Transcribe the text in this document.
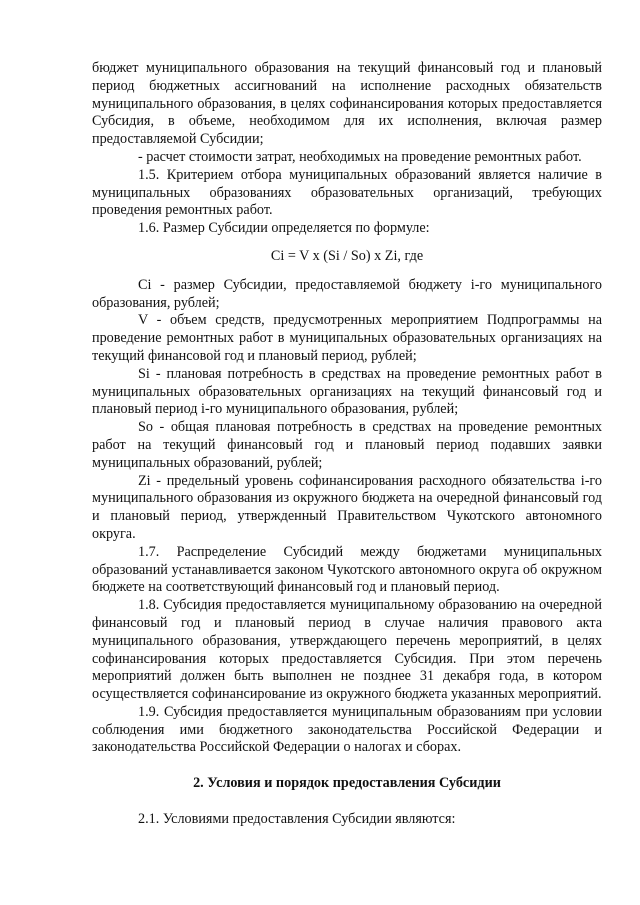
бюджет муниципального образования на текущий финансовый год и плановый период бюджетных ассигнований на исполнение расходных обязательств муниципального образования, в целях софинансирования которых предоставляется Субсидия, в объеме, необходимом для их исполнения, включая размер предоставляемой Субсидии;

- расчет стоимости затрат, необходимых на проведение ремонтных работ.

1.5. Критерием отбора муниципальных образований является наличие в муниципальных образованиях образовательных организаций, требующих проведения ремонтных работ.

1.6. Размер Субсидии определяется по формуле:

Ci = V x (Si / So) x Zi, где

Ci - размер Субсидии, предоставляемой бюджету i-го муниципального образования, рублей;

V - объем средств, предусмотренных мероприятием Подпрограммы на проведение ремонтных работ в муниципальных образовательных организациях на текущий финансовой год и плановый период, рублей;

Si - плановая потребность в средствах на проведение ремонтных работ в муниципальных образовательных организациях на текущий финансовый год и плановый период i-го муниципального образования, рублей;

So - общая плановая потребность в средствах на проведение ремонтных работ на текущий финансовый год и плановый период подавших заявки муниципальных образований, рублей;

Zi - предельный уровень софинансирования расходного обязательства i-го муниципального образования из окружного бюджета на очередной финансовый год и плановый период, утвержденный Правительством Чукотского автономного округа.

1.7. Распределение Субсидий между бюджетами муниципальных образований устанавливается законом Чукотского автономного округа об окружном бюджете на соответствующий финансовый год и плановый период.

1.8. Субсидия предоставляется муниципальному образованию на очередной финансовый год и плановый период в случае наличия правового акта муниципального образования, утверждающего перечень мероприятий, в целях софинансирования которых предоставляется Субсидия. При этом перечень мероприятий должен быть выполнен не позднее 31 декабря года, в котором осуществляется софинансирование из окружного бюджета указанных мероприятий.

1.9. Субсидия предоставляется муниципальным образованиям при условии соблюдения ими бюджетного законодательства Российской Федерации и законодательства Российской Федерации о налогах и сборах.

2. Условия и порядок предоставления Субсидии

2.1. Условиями предоставления Субсидии являются:
